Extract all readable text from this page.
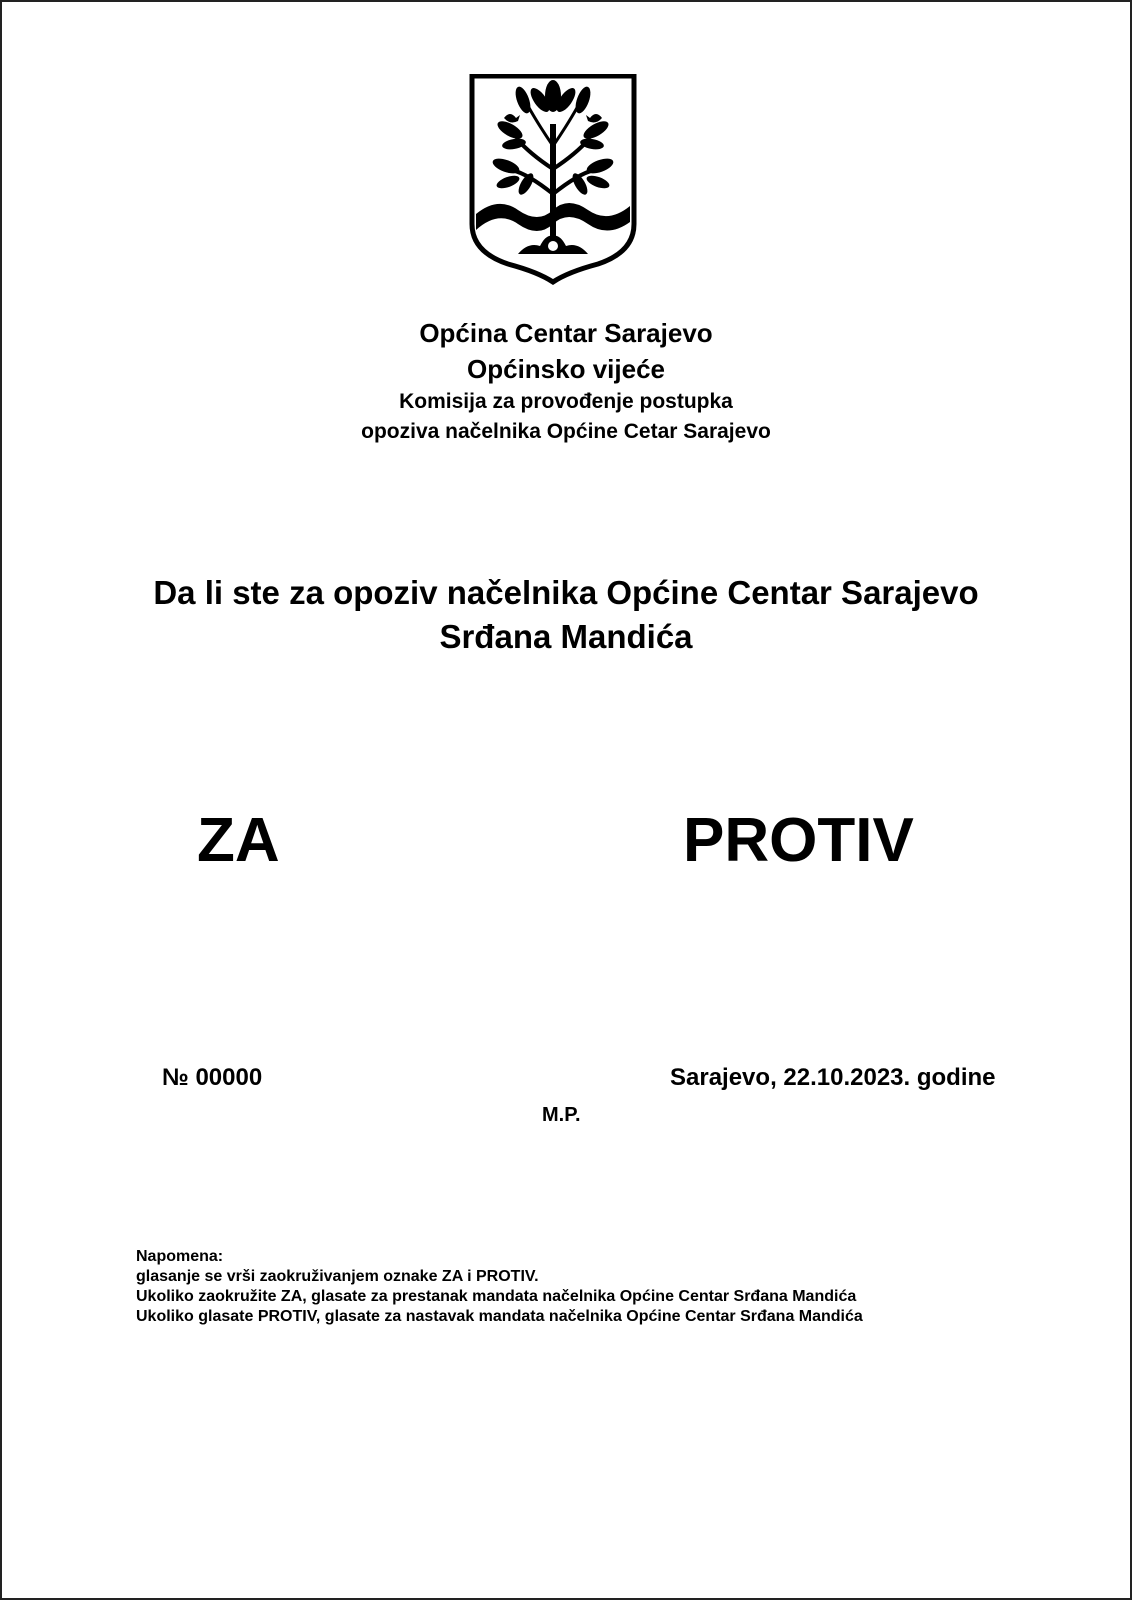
Općina Centar Sarajevo
Općinsko vijeće
Komisija za provođenje postupka
opoziva načelnika Općine Cetar Sarajevo
Da li ste za opoziv načelnika Općine Centar Sarajevo
Srđana Mandića
ZA	PROTIV
M.P.
Napomena:
glasanje se vrši zaokruživanjem oznake ZA i PROTIV.
Ukoliko zaokružite ZA, glasate za prestanak mandata načelnika Općine Centar Srđana Mandića
Ukoliko glasate PROTIV, glasate za nastavak mandata načelnika Općine Centar Srđana Mandića
№ 00000	Sarajevo, 22.10.2023. godine
